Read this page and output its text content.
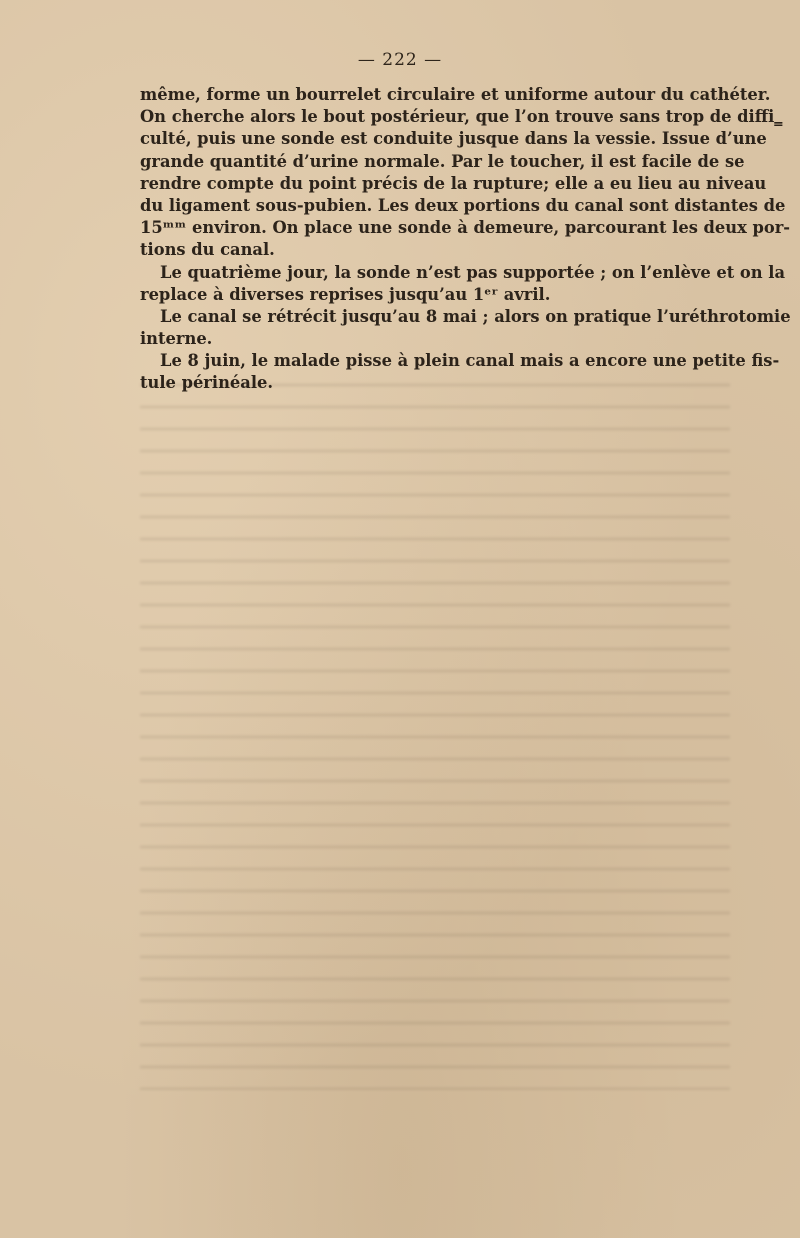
— 222 —
même, forme un bourrelet circulaire et uniforme autour du cathéter.
On cherche alors le bout postérieur, que l’on trouve sans trop de diffi‗
culté, puis une sonde est conduite jusque dans la vessie. Issue d’une
grande quantité d’urine normale. Par le toucher, il est facile de se
rendre compte du point précis de la rupture; elle a eu lieu au niveau
du ligament sous-pubien. Les deux portions du canal sont distantes de
15ᵐᵐ environ. On place une sonde à demeure, parcourant les deux por-
tions du canal.
Le quatrième jour, la sonde n’est pas supportée ; on l’enlève et on la
replace à diverses reprises jusqu’au 1ᵉʳ avril.
Le canal se rétrécit jusqu’au 8 mai ; alors on pratique l’uréthrotomie
interne.
Le 8 juin, le malade pisse à plein canal mais a encore une petite fis-
tule périnéale.
